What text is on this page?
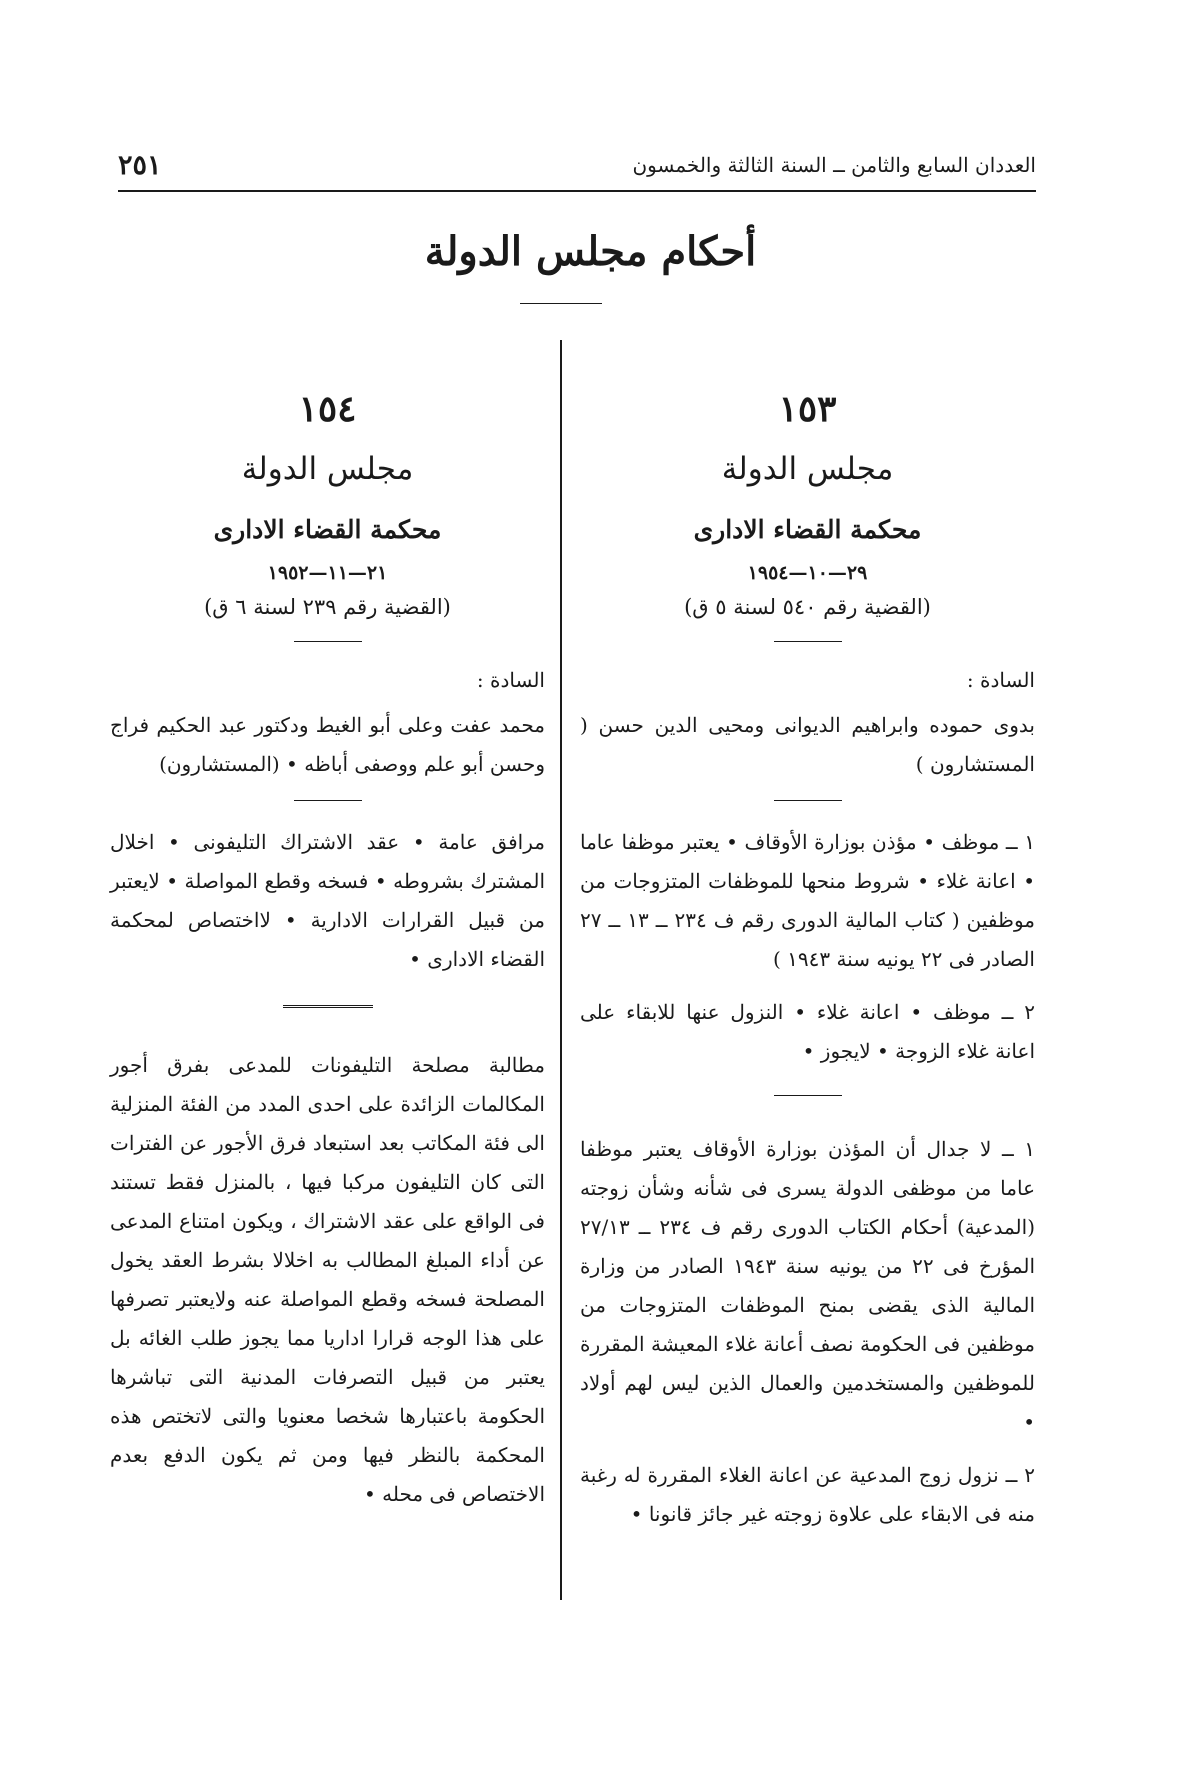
العددان السابع والثامن ــ السنة الثالثة والخمسون
٢٥١
أحكام مجلس الدولة
١٥٣
مجلس الدولة
محكمة القضاء الادارى
٢٩—١٠—١٩٥٤
(القضية رقم ٥٤٠ لسنة ٥ ق)
السادة :

بدوى حموده وابراهيم الديوانى ومحيى الدين حسن ( المستشارون )

١ ــ موظف • مؤذن بوزارة الأوقاف • يعتبر موظفا عاما • اعانة غلاء • شروط منحها للموظفات المتزوجات من موظفين ( كتاب المالية الدورى رقم ف ٢٣٤ ــ ١٣ ــ ٢٧ الصادر فى ٢٢ يونيه سنة ١٩٤٣ )

٢ ــ موظف • اعانة غلاء • النزول عنها للابقاء على اعانة غلاء الزوجة • لايجوز •

١ ــ لا جدال أن المؤذن بوزارة الأوقاف يعتبر موظفا عاما من موظفى الدولة يسرى فى شأنه وشأن زوجته (المدعية) أحكام الكتاب الدورى رقم ف ٢٣٤ ــ ٢٧/١٣ المؤرخ فى ٢٢ من يونيه سنة ١٩٤٣ الصادر من وزارة المالية الذى يقضى بمنح الموظفات المتزوجات من موظفين فى الحكومة نصف أعانة غلاء المعيشة المقررة للموظفين والمستخدمين والعمال الذين ليس لهم أولاد •

٢ ــ نزول زوج المدعية عن اعانة الغلاء المقررة له رغبة منه فى الابقاء على علاوة زوجته غير جائز قانونا •

١٥٤
مجلس الدولة
محكمة القضاء الادارى
٢١—١١—١٩٥٢
(القضية رقم ٢٣٩ لسنة ٦ ق)
السادة :

محمد عفت وعلى أبو الغيط ودكتور عبد الحكيم فراج وحسن أبو علم ووصفى أباظه • (المستشارون)

مرافق عامة • عقد الاشتراك التليفونى • اخلال المشترك بشروطه • فسخه وقطع المواصلة • لايعتبر من قبيل القرارات الادارية • لااختصاص لمحكمة القضاء الادارى •

مطالبة مصلحة التليفونات للمدعى بفرق أجور المكالمات الزائدة على احدى المدد من الفئة المنزلية الى فئة المكاتب بعد استبعاد فرق الأجور عن الفترات التى كان التليفون مركبا فيها ، بالمنزل فقط تستند فى الواقع على عقد الاشتراك ، ويكون امتناع المدعى عن أداء المبلغ المطالب به اخلالا بشرط العقد يخول المصلحة فسخه وقطع المواصلة عنه ولايعتبر تصرفها على هذا الوجه قرارا اداريا مما يجوز طلب الغائه بل يعتبر من قبيل التصرفات المدنية التى تباشرها الحكومة باعتبارها شخصا معنويا والتى لاتختص هذه المحكمة بالنظر فيها ومن ثم يكون الدفع بعدم الاختصاص فى محله •
